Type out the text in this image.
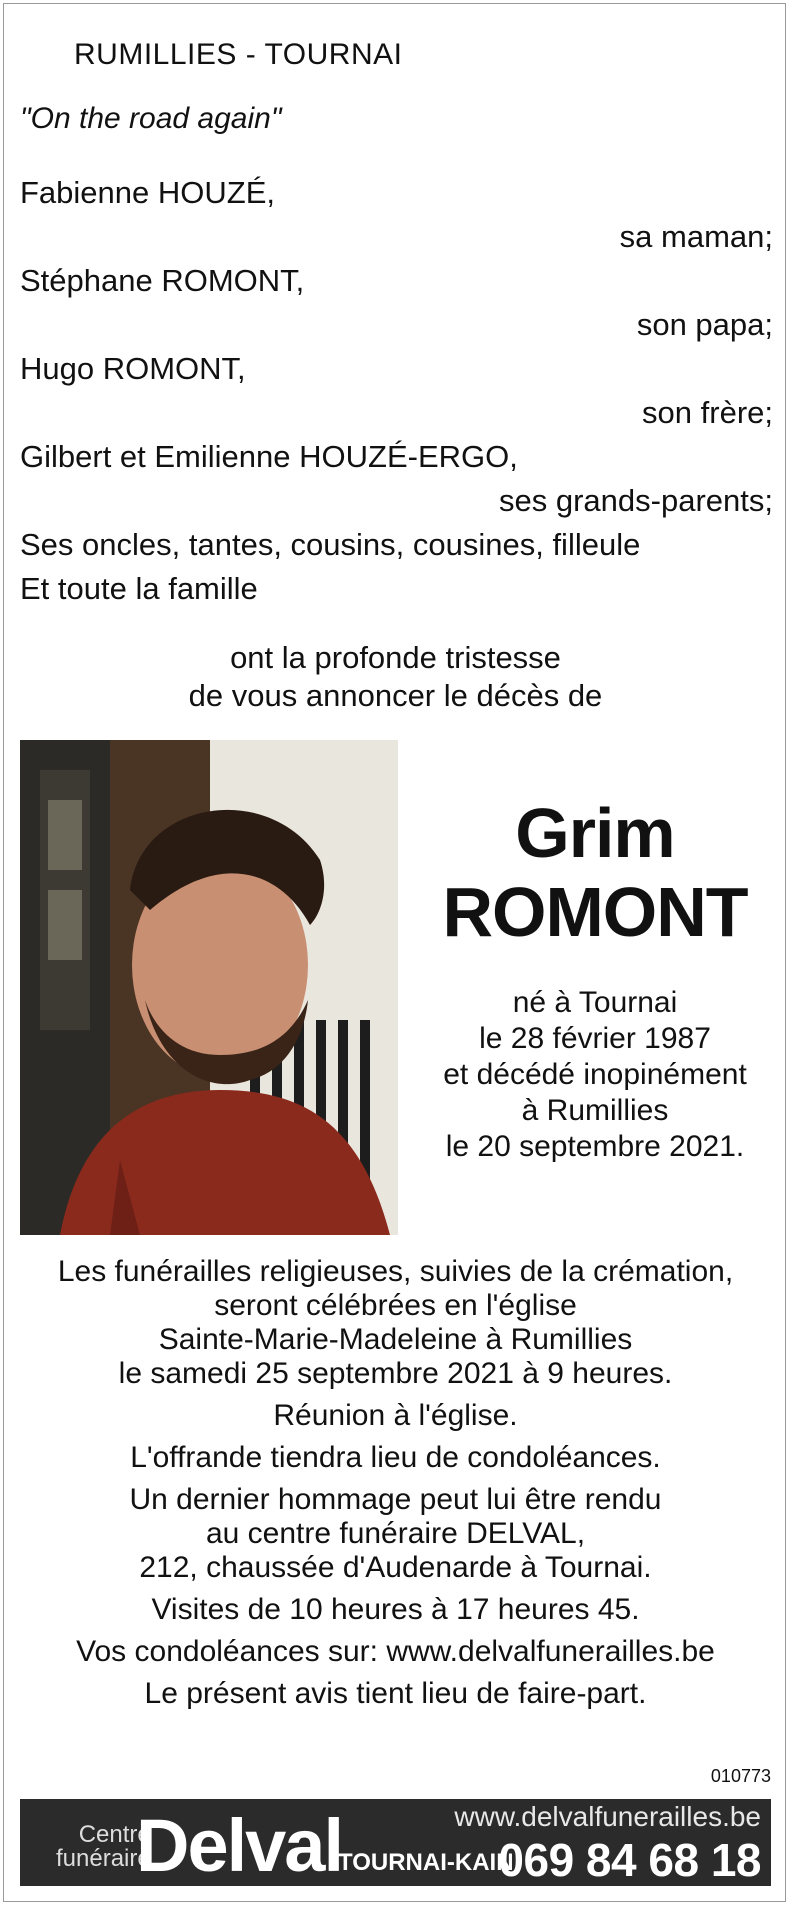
RUMILLIES - TOURNAI
"On the road again"
Fabienne HOUZÉ,
sa maman;
Stéphane ROMONT,
son papa;
Hugo ROMONT,
son frère;
Gilbert et Emilienne HOUZÉ-ERGO,
ses grands-parents;
Ses oncles, tantes, cousins, cousines, filleule
Et toute la famille
ont la profonde tristesse
de vous annoncer le décès de
Grim
ROMONT
né à Tournai
le 28 février 1987
et décédé inopinément
à Rumillies
le 20 septembre 2021.

Les funérailles religieuses, suivies de la crémation,
seront célébrées en l'église
Sainte-Marie-Madeleine à Rumillies
le samedi 25 septembre 2021 à 9 heures.

Réunion à l'église.

L'offrande tiendra lieu de condoléances.

Un dernier hommage peut lui être rendu
au centre funéraire DELVAL,
212, chaussée d'Audenarde à Tournai.

Visites de 10 heures à 17 heures 45.

Vos condoléances sur: www.delvalfunerailles.be

Le présent avis tient lieu de faire-part.

010773
Centre
funéraire
Delval	www.delvalfunerailles.be
TOURNAI-KAIN
069 84 68 18
